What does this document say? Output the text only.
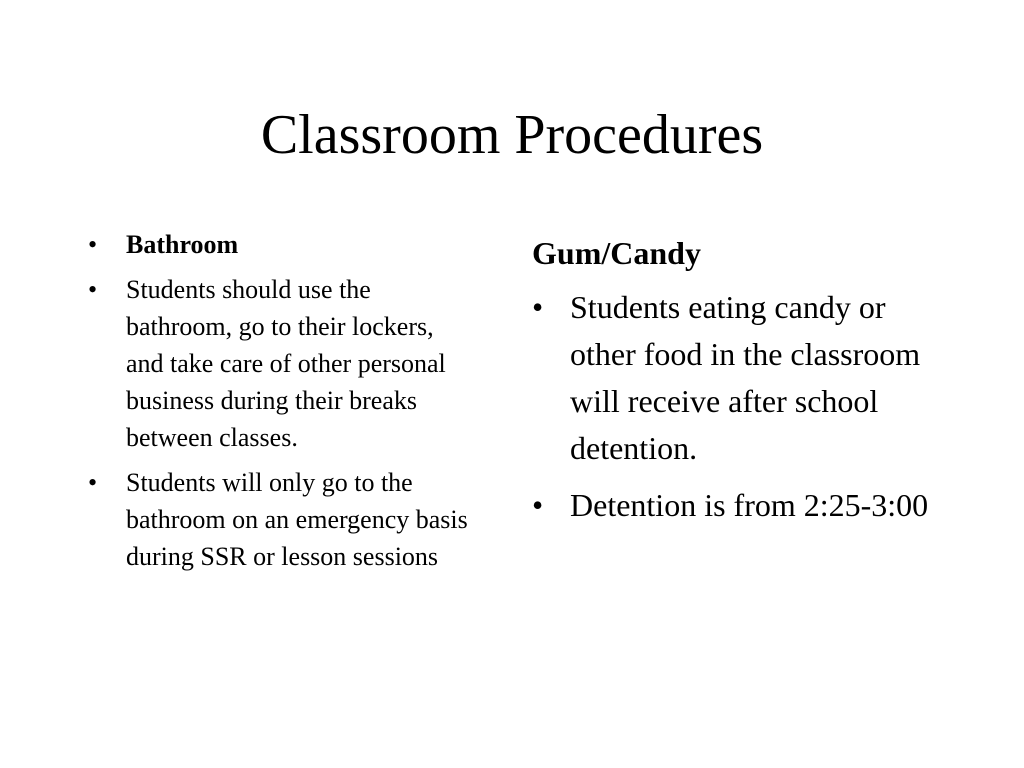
Classroom Procedures
•	Bathroom
•	Students should use the bathroom, go to their lockers, and take care of other personal business during their breaks between classes.
•	Students will only go to the bathroom on an emergency basis during SSR or lesson sessions
Gum/Candy
• Students eating candy or other food in the classroom will receive after school detention.
• Detention is from 2:25-3:00
